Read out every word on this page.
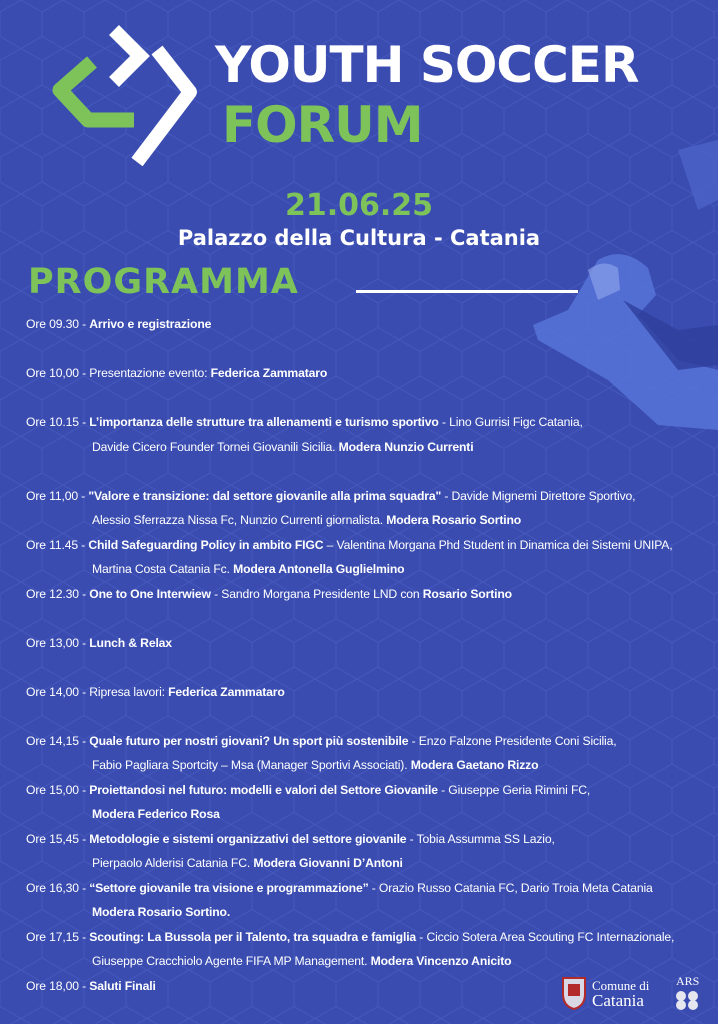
YOUTH SOCCER
FORUM
21.06.25
Palazzo della Cultura - Catania
PROGRAMMA
Ore 09.30 - Arrivo e registrazione
Ore 10,00 - Presentazione evento: Federica Zammataro
Ore 10.15 - L’importanza delle strutture tra allenamenti e turismo sportivo - Lino Gurrisi Figc Catania,
Davide Cicero Founder Tornei Giovanili Sicilia. Modera Nunzio Currenti
Ore 11,00 - "Valore e transizione: dal settore giovanile alla prima squadra" - Davide Mignemi Direttore Sportivo,
Alessio Sferrazza Nissa Fc, Nunzio Currenti giornalista. Modera Rosario Sortino
Ore 11.45 - Child Safeguarding Policy in ambito FIGC – Valentina Morgana Phd Student in Dinamica dei Sistemi UNIPA,
Martina Costa Catania Fc. Modera Antonella Guglielmino
Ore 12.30 - One to One Interwiew - Sandro Morgana Presidente LND con Rosario Sortino
Ore 13,00 - Lunch & Relax
Ore 14,00 - Ripresa lavori: Federica Zammataro
Ore 14,15 - Quale futuro per nostri giovani? Un sport più sostenibile - Enzo Falzone Presidente Coni Sicilia,
Fabio Pagliara Sportcity – Msa (Manager Sportivi Associati). Modera Gaetano Rizzo
Ore 15,00 - Proiettandosi nel futuro: modelli e valori del Settore Giovanile - Giuseppe Geria Rimini FC,
Modera Federico Rosa
Ore 15,45 - Metodologie e sistemi organizzativi del settore giovanile - Tobia Assumma SS Lazio,
Pierpaolo Alderisi Catania FC. Modera Giovanni D’Antoni
Ore 16,30 - “Settore giovanile tra visione e programmazione” - Orazio Russo Catania FC, Dario Troia Meta Catania
Modera Rosario Sortino.
Ore 17,15 - Scouting: La Bussola per il Talento, tra squadra e famiglia - Ciccio Sotera Area Scouting FC Internazionale,
Giuseppe Cracchiolo Agente FIFA MP Management. Modera Vincenzo Anicito
Ore 18,00 - Saluti Finali	Comune di
Catania
ARS
